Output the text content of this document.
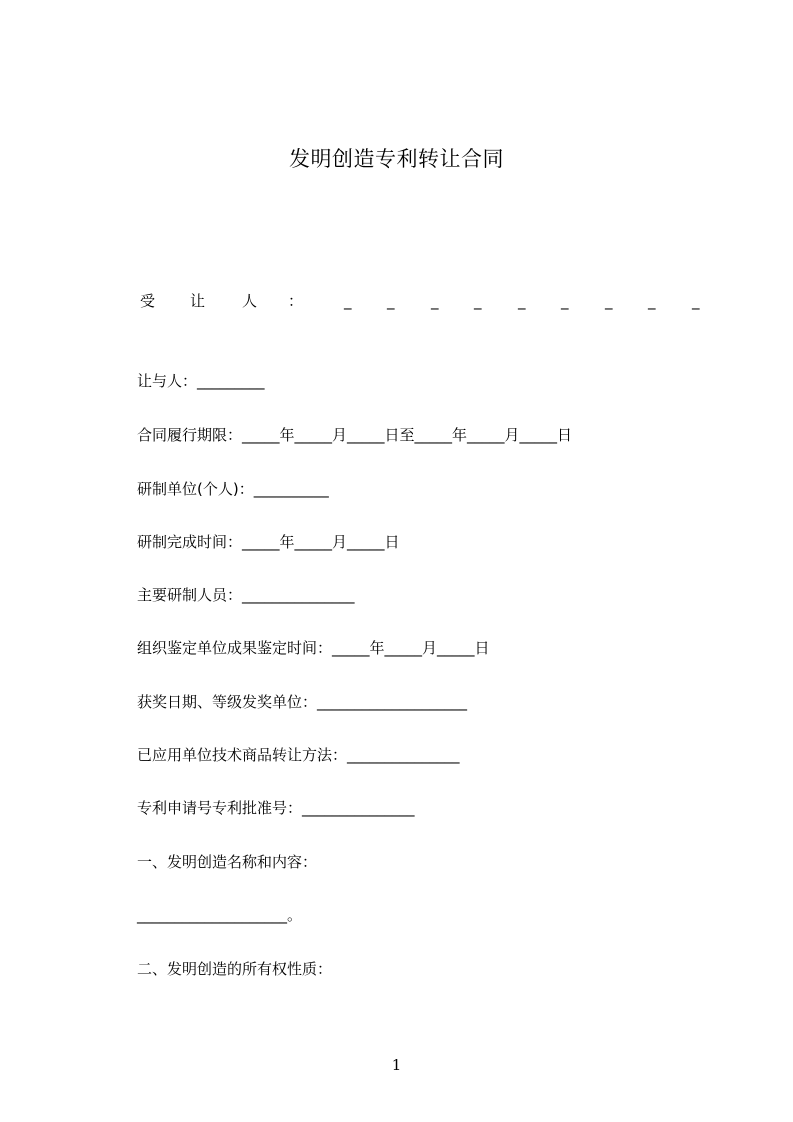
发明创造专利转让合同
受 让 人 ：	_ _ _ _ _ _ _ _ _
让与人：_________
合同履行期限：_____年_____月_____日至_____年_____月_____日
研制单位(个人)：__________
研制完成时间：_____年_____月_____日
主要研制人员：_______________
组织鉴定单位成果鉴定时间：_____年_____月_____日
获奖日期、等级发奖单位：____________________
已应用单位技术商品转让方法：_______________
专利申请号专利批准号：_______________
一、发明创造名称和内容：
____________________。
二、发明创造的所有权性质：
1
